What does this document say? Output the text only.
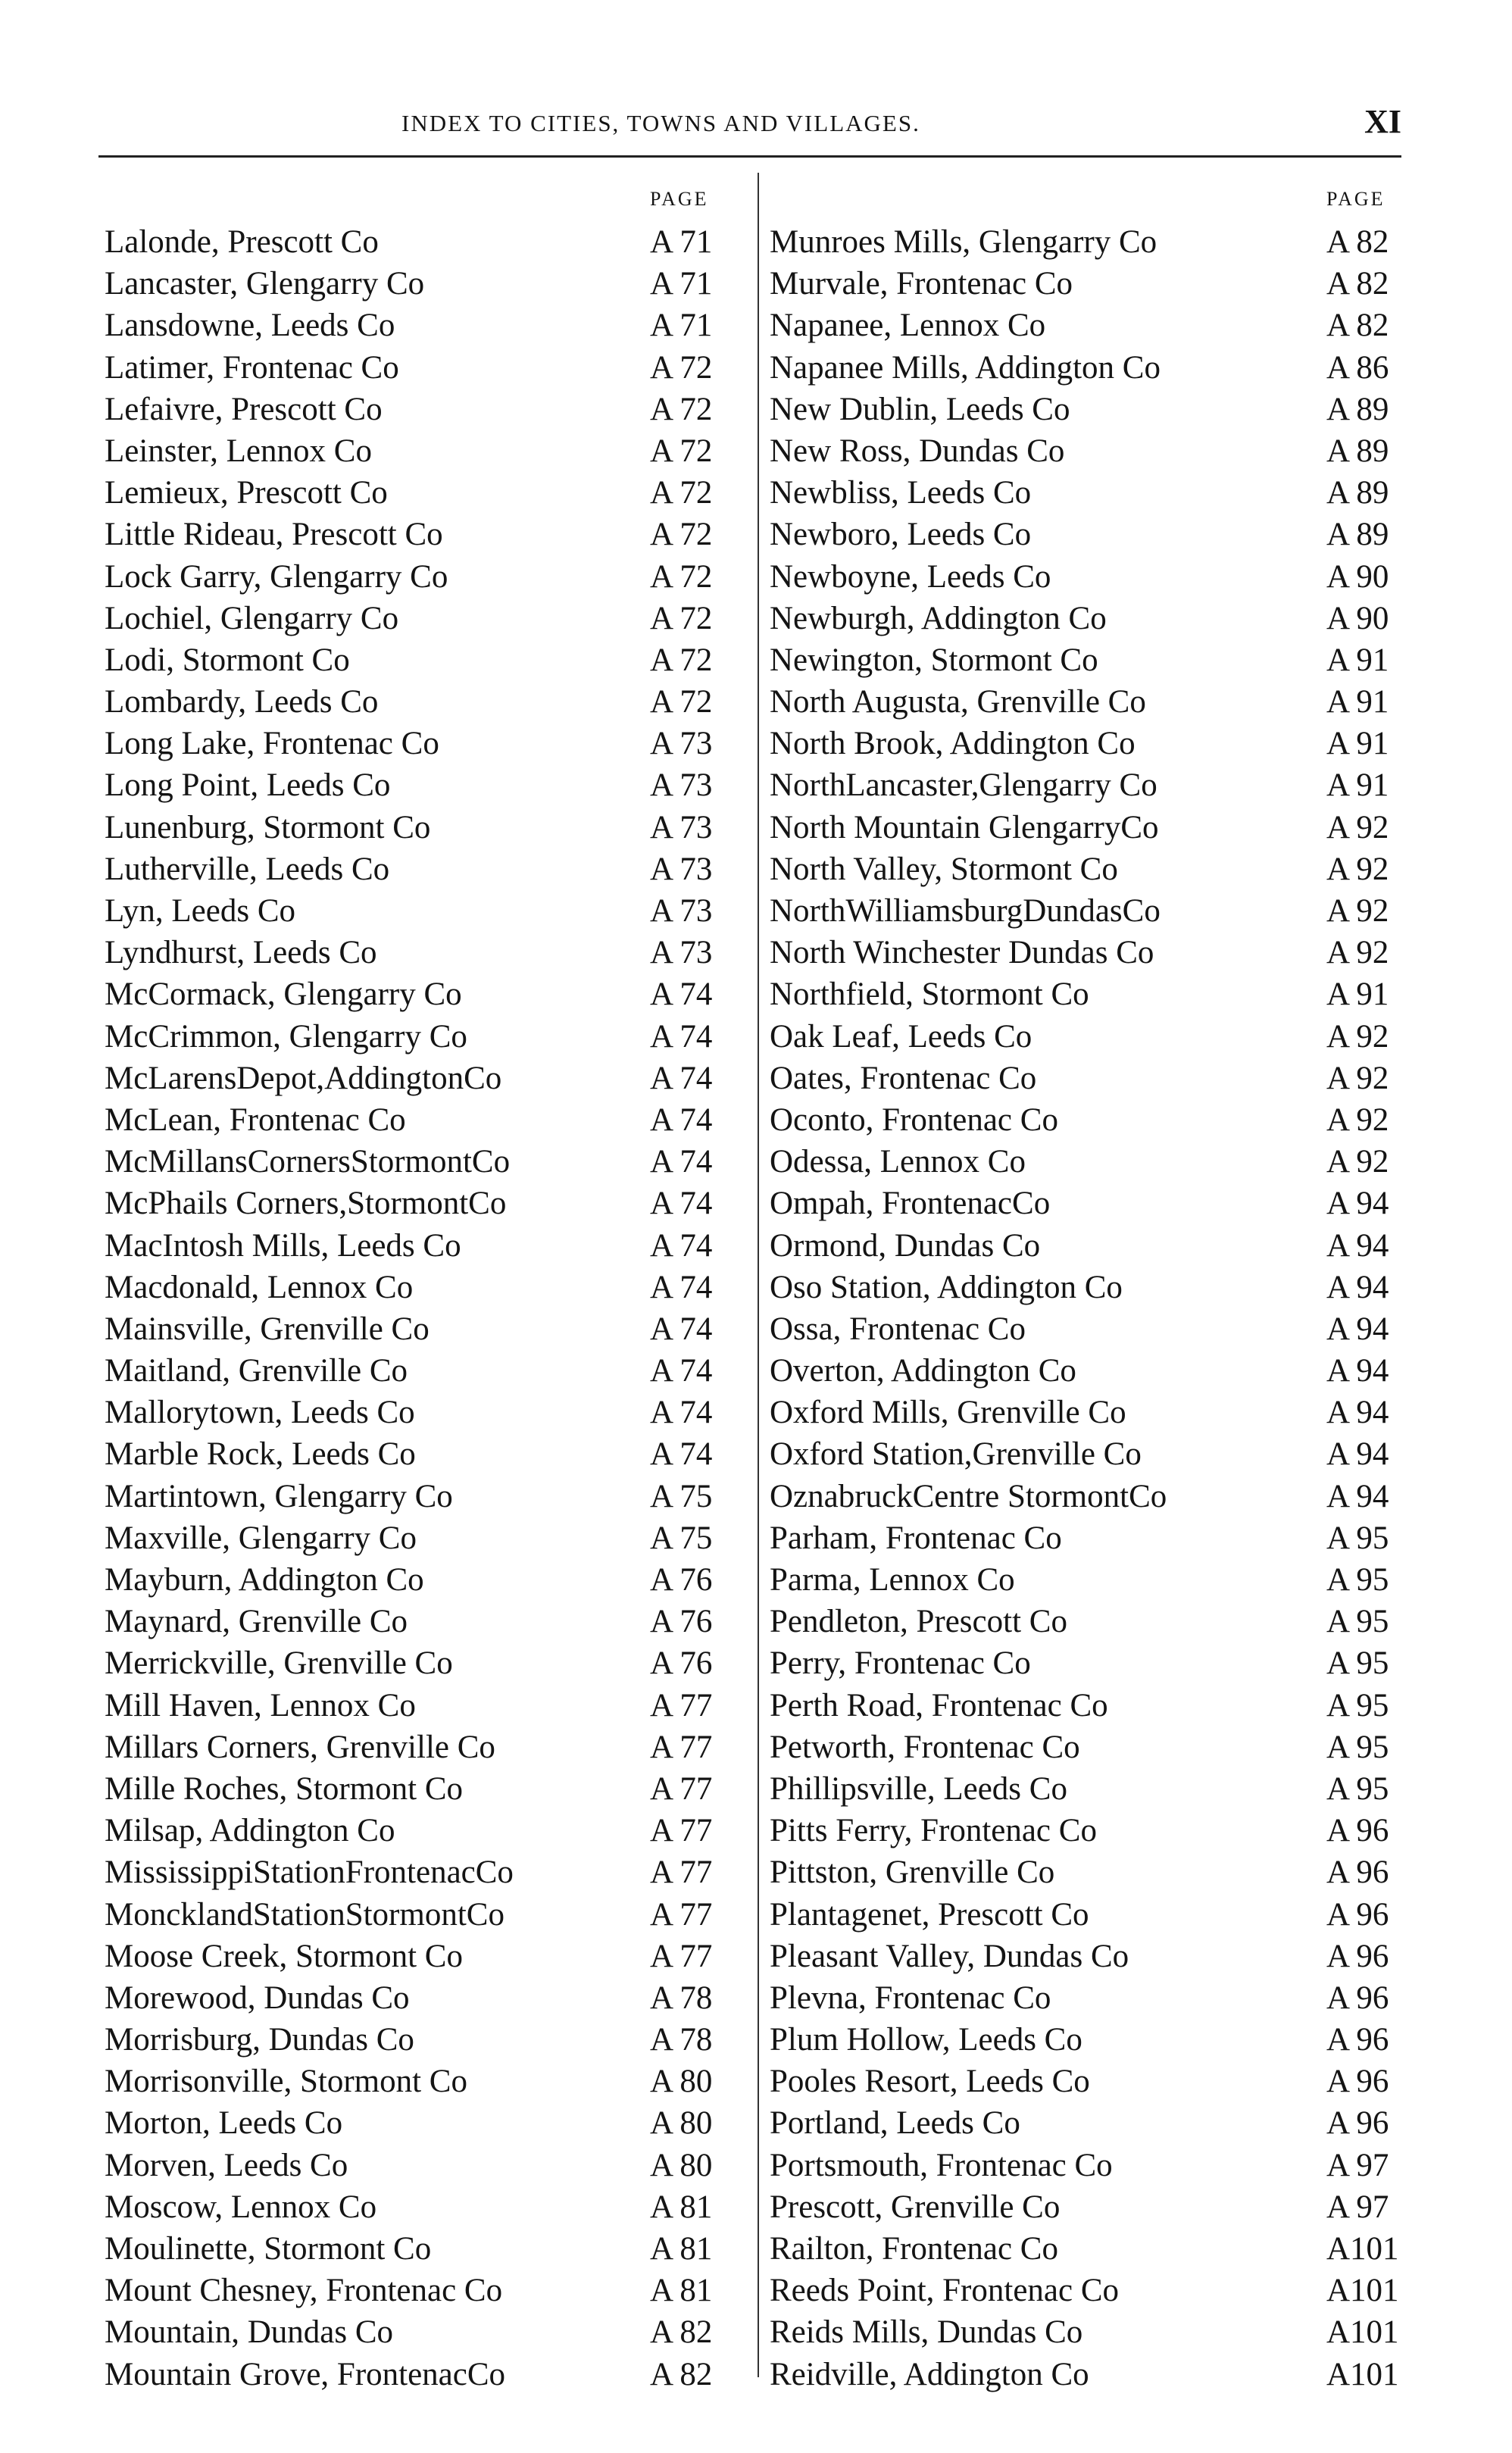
INDEX TO CITIES, TOWNS AND VILLAGES.	XI
PAGE
Lalonde, Prescott Co	A 71
Lancaster, Glengarry Co	A 71
Lansdowne, Leeds Co	A 71
Latimer, Frontenac Co	A 72
Lefaivre, Prescott Co	A 72
Leinster, Lennox Co	A 72
Lemieux, Prescott Co	A 72
Little Rideau, Prescott Co	A 72
Lock Garry, Glengarry Co	A 72
Lochiel, Glengarry Co	A 72
Lodi, Stormont Co	A 72
Lombardy, Leeds Co	A 72
Long Lake, Frontenac Co	A 73
Long Point, Leeds Co	A 73
Lunenburg, Stormont Co	A 73
Lutherville, Leeds Co	A 73
Lyn, Leeds Co	A 73
Lyndhurst, Leeds Co	A 73
McCormack, Glengarry Co	A 74
McCrimmon, Glengarry Co	A 74
McLarensDepot,AddingtonCo	A 74
McLean, Frontenac Co	A 74
McMillansCornersStormontCo	A 74
McPhails Corners,StormontCo	A 74
MacIntosh Mills, Leeds Co	A 74
Macdonald, Lennox Co	A 74
Mainsville, Grenville Co	A 74
Maitland, Grenville Co	A 74
Mallorytown, Leeds Co	A 74
Marble Rock, Leeds Co	A 74
Martintown, Glengarry Co	A 75
Maxville, Glengarry Co	A 75
Mayburn, Addington Co	A 76
Maynard, Grenville Co	A 76
Merrickville, Grenville Co	A 76
Mill Haven, Lennox Co	A 77
Millars Corners, Grenville Co	A 77
Mille Roches, Stormont Co	A 77
Milsap, Addington Co	A 77
MississippiStationFrontenacCo	A 77
MoncklandStationStormontCo	A 77
Moose Creek, Stormont Co	A 77
Morewood, Dundas Co	A 78
Morrisburg, Dundas Co	A 78
Morrisonville, Stormont Co	A 80
Morton, Leeds Co	A 80
Morven, Leeds Co	A 80
Moscow, Lennox Co	A 81
Moulinette, Stormont Co	A 81
Mount Chesney, Frontenac Co	A 81
Mountain, Dundas Co	A 82
Mountain Grove, FrontenacCo	A 82
PAGE
Munroes Mills, Glengarry Co	A 82
Murvale, Frontenac Co	A 82
Napanee, Lennox Co	A 82
Napanee Mills, Addington Co	A 86
New Dublin, Leeds Co	A 89
New Ross, Dundas Co	A 89
Newbliss, Leeds Co	A 89
Newboro, Leeds Co	A 89
Newboyne, Leeds Co	A 90
Newburgh, Addington Co	A 90
Newington, Stormont Co	A 91
North Augusta, Grenville Co	A 91
North Brook, Addington Co	A 91
NorthLancaster,Glengarry Co	A 91
North Mountain GlengarryCo	A 92
North Valley, Stormont Co	A 92
NorthWilliamsburgDundasCo	A 92
North Winchester Dundas Co	A 92
Northfield, Stormont Co	A 91
Oak Leaf, Leeds Co	A 92
Oates, Frontenac Co	A 92
Oconto, Frontenac Co	A 92
Odessa, Lennox Co	A 92
Ompah, FrontenacCo	A 94
Ormond, Dundas Co	A 94
Oso Station, Addington Co	A 94
Ossa, Frontenac Co	A 94
Overton, Addington Co	A 94
Oxford Mills, Grenville Co	A 94
Oxford Station,Grenville Co	A 94
OznabruckCentre StormontCo	A 94
Parham, Frontenac Co	A 95
Parma, Lennox Co	A 95
Pendleton, Prescott Co	A 95
Perry, Frontenac Co	A 95
Perth Road, Frontenac Co	A 95
Petworth, Frontenac Co	A 95
Phillipsville, Leeds Co	A 95
Pitts Ferry, Frontenac Co	A 96
Pittston, Grenville Co	A 96
Plantagenet, Prescott Co	A 96
Pleasant Valley, Dundas Co	A 96
Plevna, Frontenac Co	A 96
Plum Hollow, Leeds Co	A 96
Pooles Resort, Leeds Co	A 96
Portland, Leeds Co	A 96
Portsmouth, Frontenac Co	A 97
Prescott, Grenville Co	A 97
Railton, Frontenac Co	A101
Reeds Point, Frontenac Co	A101
Reids Mills, Dundas Co	A101
Reidville, Addington Co	A101
